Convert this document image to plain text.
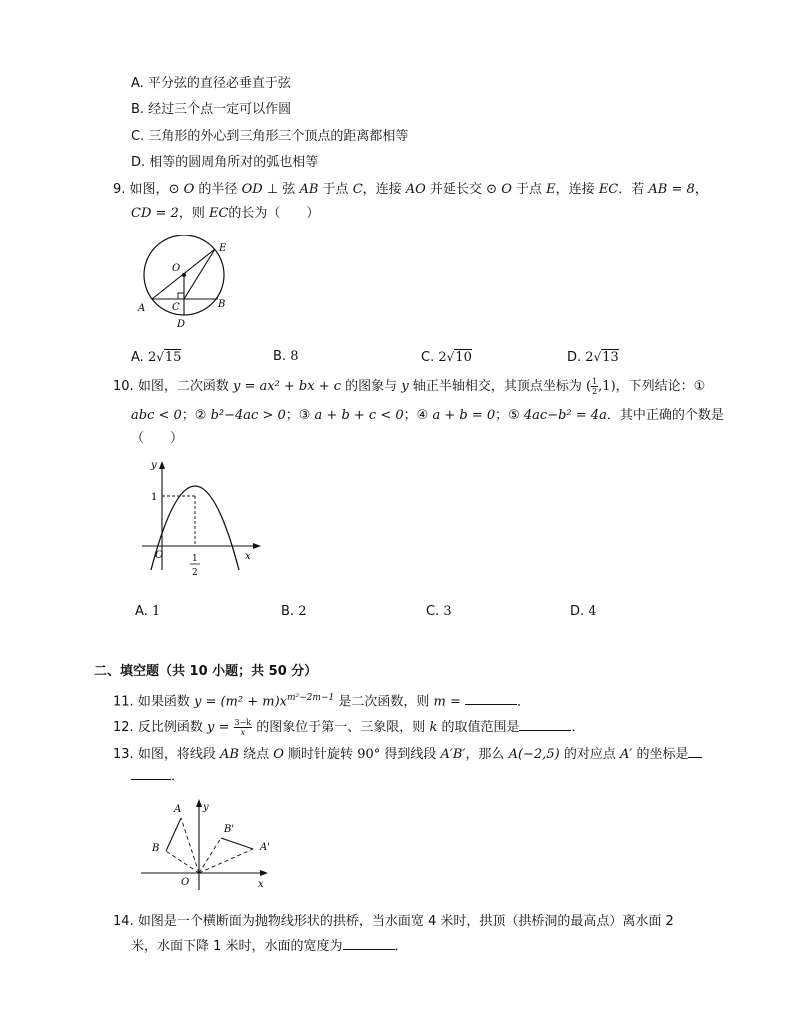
A. 平分弦的直径必垂直于弦
B. 经过三个点一定可以作圆
C. 三角形的外心到三角形三个顶点的距离都相等
D. 相等的圆周角所对的弧也相等
9. 如图，⊙ O 的半径 OD ⊥ 弦 AB 于点 C，连接 AO 并延长交 ⊙ O 于点 E，连接 EC．若 AB = 8，
CD = 2，则 EC的长为（　　）
E
O
A	C	B
D
A. 2√15	B. 8	C. 2√10	D. 2√13
10. 如图，二次函数 y = ax² + bx + c 的图象与 y 轴正半轴相交，其顶点坐标为 ( $\frac{1}{2} ,1$)，下列结论：①
abc < 0；② b²−4ac > 0；③ a + b + c < 0；④ a + b = 0；⑤ 4ac−b² = 4a．其中正确的个数是
（　　）
y
1
O	x
1
2
A. 1	B. 2	C. 3	D. 4
二、填空题（共 10 小题；共 50 分）
11. 如果函数 $y = (m^2 + m)x^{m^2-2m-1}$ 是二次函数，则 m =	．
12. 反比例函数 $y = \frac{3-k}{x}$ 的图象位于第一、三象限，则 k 的取值范围是	．
13. 如图，将线段 AB 绕点 O 顺时针旋转 90° 得到线段 A′B′，那么 A(−2,5) 的对应点 A′ 的坐标是
．
A y
B'
B	A'
O	x
14. 如图是一个横断面为抛物线形状的拱桥，当水面宽 4 米时，拱顶（拱桥洞的最高点）离水面 2
米，水面下降 1 米时，水面的宽度为	．
